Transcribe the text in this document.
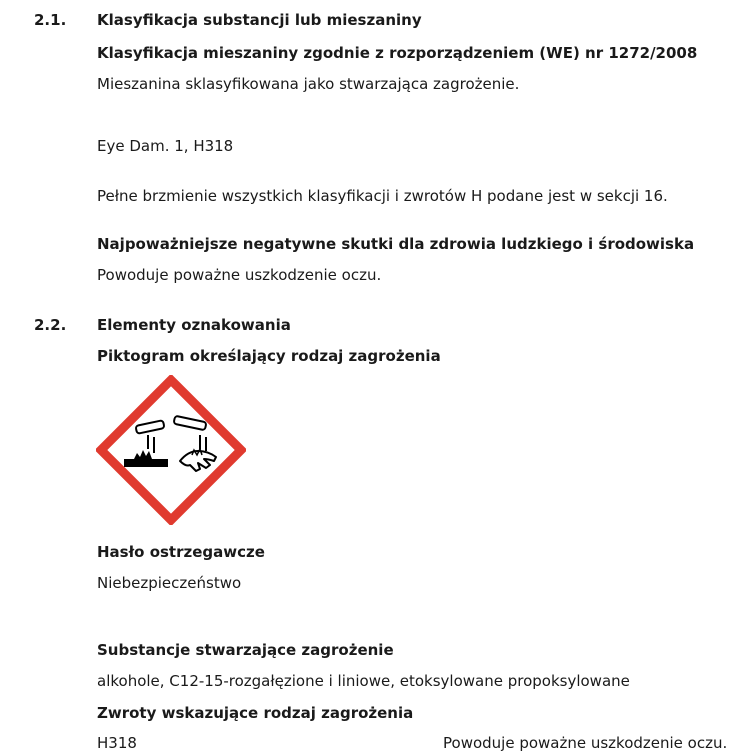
2.1. Klasyfikacja substancji lub mieszaniny
Klasyfikacja mieszaniny zgodnie z rozporządzeniem (WE) nr 1272/2008
Mieszanina sklasyfikowana jako stwarzająca zagrożenie.
Eye Dam. 1, H318
Pełne brzmienie wszystkich klasyfikacji i zwrotów H podane jest w sekcji 16.
Najpoważniejsze negatywne skutki dla zdrowia ludzkiego i środowiska
Powoduje poważne uszkodzenie oczu.
2.2. Elementy oznakowania
Piktogram określający rodzaj zagrożenia
Hasło ostrzegawcze
Niebezpieczeństwo
Substancje stwarzające zagrożenie
alkohole, C12-15-rozgałęzione i liniowe, etoksylowane propoksylowane
Zwroty wskazujące rodzaj zagrożenia
H318	Powoduje poważne uszkodzenie oczu.
